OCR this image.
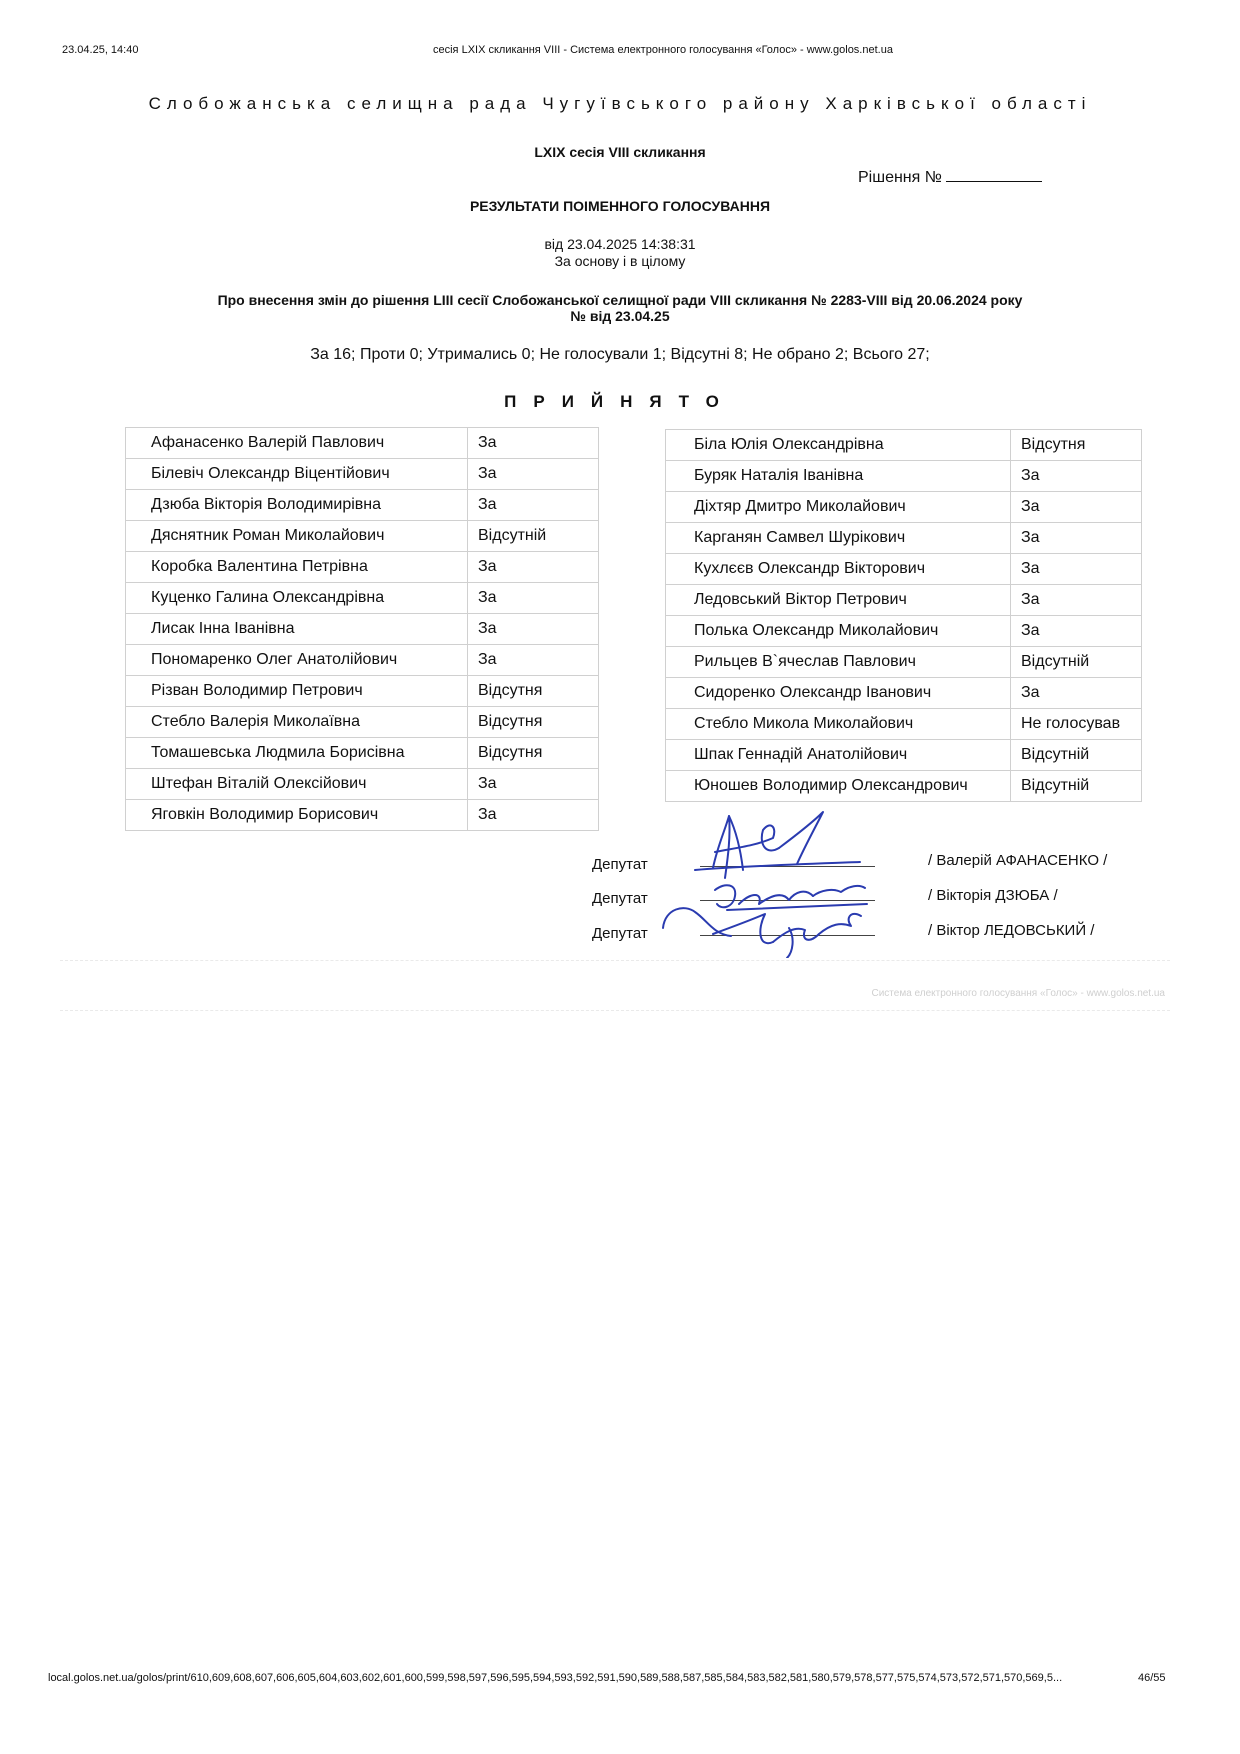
23.04.25, 14:40	сесія LXIX скликання VIII - Система електронного голосування «Голос» - www.golos.net.ua
Слобожанська селищна рада Чугуївського району Харківської області
LXIX сесія VIII скликання
Рішення №
РЕЗУЛЬТАТИ ПОІМЕННОГО ГОЛОСУВАННЯ
від 23.04.2025 14:38:31
За основу і в цілому
Про внесення змін до рішення LIII сесії Слобожанської селищної ради VIII скликання № 2283-VIII від 20.06.2024 року
№ від 23.04.25
За 16; Проти 0; Утримались 0; Не голосували 1; Відсутні 8; Не обрано 2; Всього 27;
ПРИЙНЯТО
Афанасенко Валерій Павлович	За
Білевіч Олександр Віцентійович	За
Дзюба Вікторія Володимирівна	За
Дяснятник Роман Миколайович	Відсутній
Коробка Валентина Петрівна	За
Куценко Галина Олександрівна	За
Лисак Інна Іванівна	За
Пономаренко Олег Анатолійович	За
Різван Володимир Петрович	Відсутня
Стебло Валерія Миколаївна	Відсутня
Томашевська Людмила Борисівна	Відсутня
Штефан Віталій Олексійович	За
Яговкін Володимир Борисович	За
Біла Юлія Олександрівна	Відсутня
Буряк Наталія Іванівна	За
Діхтяр Дмитро Миколайович	За
Карганян Самвел Шурікович	За
Кухлєєв Олександр Вікторович	За
Ледовський Віктор Петрович	За
Полька Олександр Миколайович	За
Рильцев В`ячеслав Павлович	Відсутній
Сидоренко Олександр Іванович	За
Стебло Микола Миколайович	Не голосував
Шпак Геннадій Анатолійович	Відсутній
Юношев Володимир Олександрович	Відсутній
Депутат
Депутат
Депутат
/ Валерій АФАНАСЕНКО /
/ Вікторія ДЗЮБА /
/ Віктор ЛЕДОВСЬКИЙ /
Система електронного голосування «Голос» - www.golos.net.ua
local.golos.net.ua/golos/print/610,609,608,607,606,605,604,603,602,601,600,599,598,597,596,595,594,593,592,591,590,589,588,587,585,584,583,582,581,580,579,578,577,575,574,573,572,571,570,569,5...	46/55
